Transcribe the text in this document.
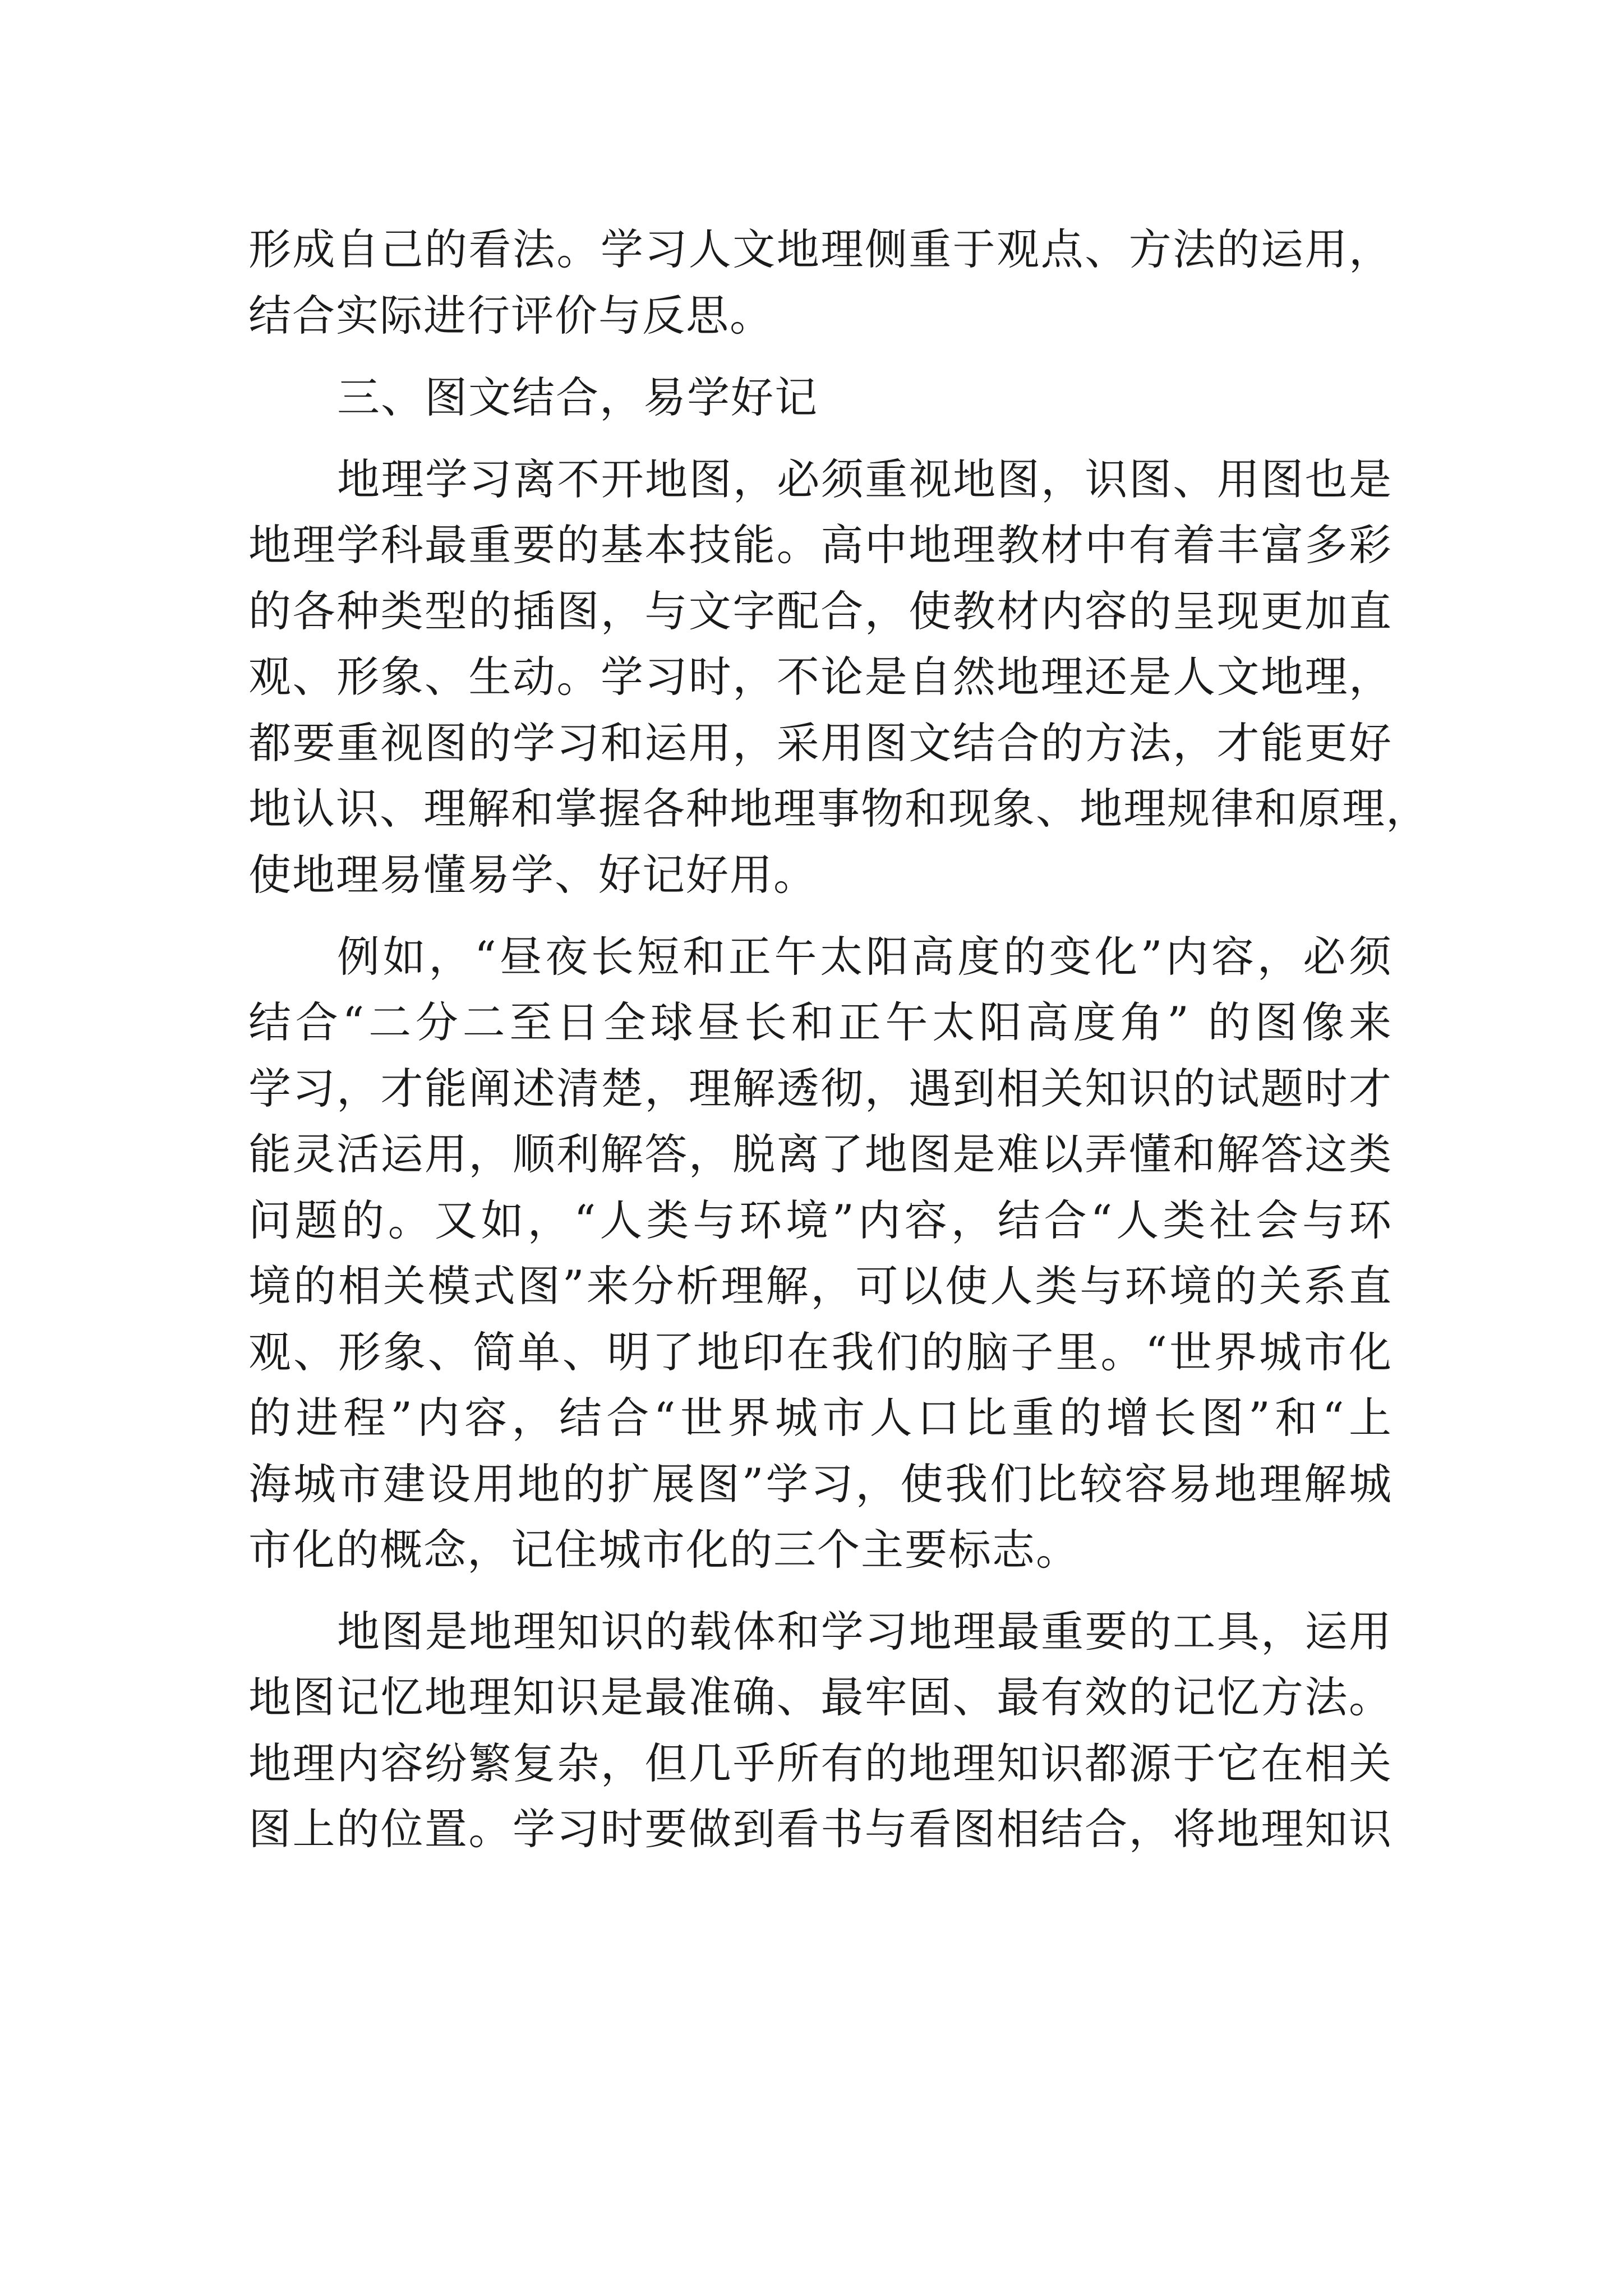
形成自己的看法。学习人文地理侧重于观点、方法的运用，

结合实际进行评价与反思。

三、图文结合，易学好记

地理学习离不开地图，必须重视地图，识图、用图也是

地理学科最重要的基本技能。高中地理教材中有着丰富多彩

的各种类型的插图，与文字配合，使教材内容的呈现更加直

观、形象、生动。学习时，不论是自然地理还是人文地理，

都要重视图的学习和运用，采用图文结合的方法，才能更好

地认识、理解和掌握各种地理事物和现象、地理规律和原理，

使地理易懂易学、好记好用。

例如，“昼夜长短和正午太阳高度的变化”内容，必须

结合“二分二至日全球昼长和正午太阳高度角” 的图像来

学习，才能阐述清楚，理解透彻，遇到相关知识的试题时才

能灵活运用，顺利解答，脱离了地图是难以弄懂和解答这类

问题的。又如，“人类与环境”内容，结合“人类社会与环

境的相关模式图”来分析理解，可以使人类与环境的关系直

观、形象、简单、明了地印在我们的脑子里。“世界城市化

的进程”内容，结合“世界城市人口比重的增长图”和“上

海城市建设用地的扩展图”学习，使我们比较容易地理解城

市化的概念，记住城市化的三个主要标志。

地图是地理知识的载体和学习地理最重要的工具，运用

地图记忆地理知识是最准确、最牢固、最有效的记忆方法。

地理内容纷繁复杂，但几乎所有的地理知识都源于它在相关

图上的位置。学习时要做到看书与看图相结合，将地理知识
